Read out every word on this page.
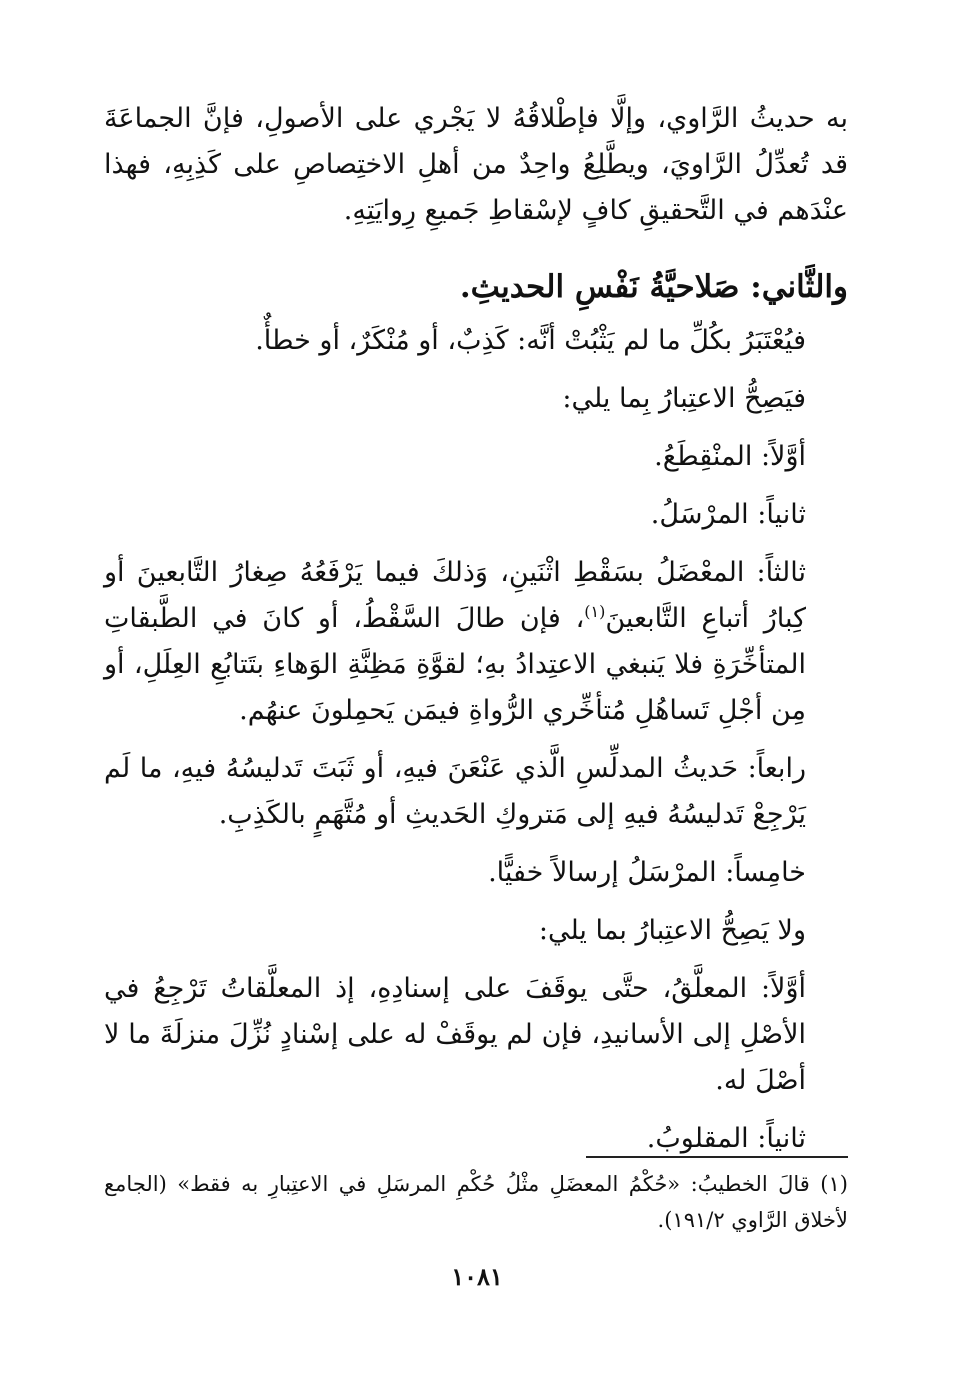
به حديثُ الرَّاوي، وإلَّا فإطْلاقُهُ لا يَجْري على الأصولِ، فإنَّ الجماعَةَ قد تُعدِّلُ الرَّاويَ، ويطَّلِعُ واحِدٌ من أهلِ الاختِصاصِ على كَذِبِهِ، فهذا عنْدَهم في التَّحقيقِ كافٍ لإسْقاطِ جَميعِ رِوايَتِهِ.

والثَّاني: صَلاحيَّةُ نَفْسِ الحديثِ.

فيُعْتَبَرُ بكُلِّ ما لم يَثْبُتْ أنَّه: كَذِبٌ، أو مُنْكَرٌ، أو خطأٌ.

فيَصِحُّ الاعتِبارُ بِما يلي:

أوَّلاً: المنْقِطَعُ.

ثانياً: المرْسَلُ.

ثالثاً: المعْضَلُ بسَقْطِ اثْنَينِ، وَذلكَ فيما يَرْفَعُهُ صِغارُ التَّابعينَ أو كِبارُ أتباعِ التَّابعينَ$^{(١)}$، فإن طالَ السَّقْطُ، أو كانَ في الطَّبقاتِ المتأخِّرَةِ فلا يَنبغي الاعتِدادُ بهِ؛ لقوَّةِ مَظِنَّةِ الوَهاءِ بتَتابُعِ العِلَلِ، أو مِن أجْلِ تَساهُلِ مُتأخِّري الرُّواةِ فيمَن يَحمِلونَ عنهُم.

رابعاً: حَديثُ المدلِّسِ الَّذي عَنْعَنَ فيهِ، أو ثَبَتَ تَدليسُهُ فيهِ، ما لَم يَرْجِعْ تَدليسُهُ فيهِ إلى مَتروكِ الحَديثِ أو مُتَّهَمٍ بالكَذِبِ.

خامِساً: المرْسَلُ إرسالاً خفيًّا.

ولا يَصِحُّ الاعتِبارُ بما يلي:

أوَّلاً: المعلَّقُ، حتَّى يوقَفَ على إسنادِهِ، إذ المعلَّقاتُ تَرْجِعُ في الأصْلِ إلى الأسانيدِ، فإن لم يوقَفْ له على إسْنادٍ نُزِّلَ منزلَةَ ما لا أصْلَ له.

ثانياً: المقلوبُ.

(١) قالَ الخطيبُ: «حُكْمُ المعضَلِ مثْلُ حُكْمِ المرسَلِ في الاعتِبارِ به فقط» (الجامع لأخلاق الرَّاوي ١٩١/٢).
١٠٨١
